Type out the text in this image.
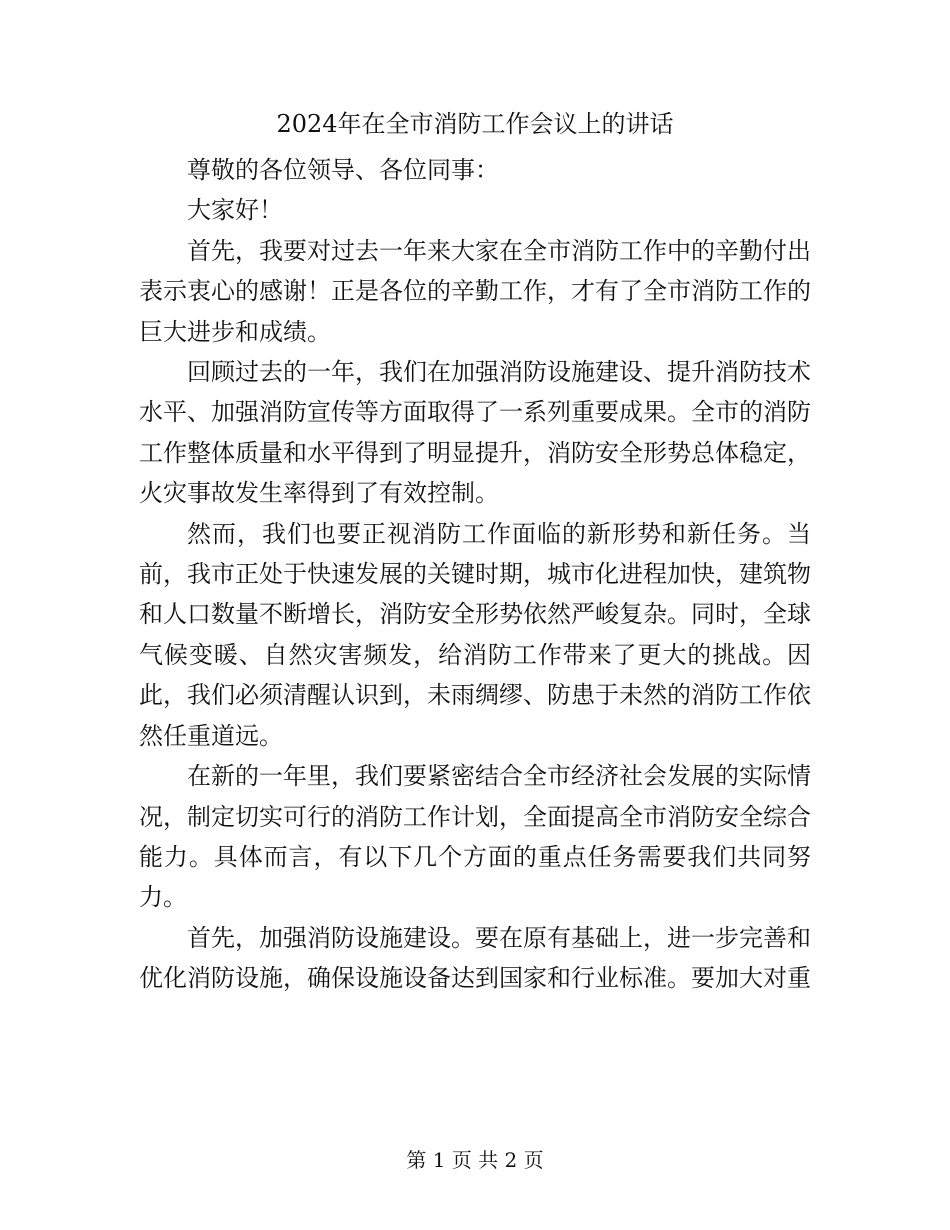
2024年在全市消防工作会议上的讲话

尊敬的各位领导、各位同事：

大家好！

首先，我要对过去一年来大家在全市消防工作中的辛勤付出表示衷心的感谢！正是各位的辛勤工作，才有了全市消防工作的巨大进步和成绩。

回顾过去的一年，我们在加强消防设施建设、提升消防技术水平、加强消防宣传等方面取得了一系列重要成果。全市的消防工作整体质量和水平得到了明显提升，消防安全形势总体稳定，火灾事故发生率得到了有效控制。

然而，我们也要正视消防工作面临的新形势和新任务。当前，我市正处于快速发展的关键时期，城市化进程加快，建筑物和人口数量不断增长，消防安全形势依然严峻复杂。同时，全球气候变暖、自然灾害频发，给消防工作带来了更大的挑战。因此，我们必须清醒认识到，未雨绸缪、防患于未然的消防工作依然任重道远。

在新的一年里，我们要紧密结合全市经济社会发展的实际情况，制定切实可行的消防工作计划，全面提高全市消防安全综合能力。具体而言，有以下几个方面的重点任务需要我们共同努力。

首先，加强消防设施建设。要在原有基础上，进一步完善和优化消防设施，确保设施设备达到国家和行业标准。要加大对重

第 1 页 共 2 页
